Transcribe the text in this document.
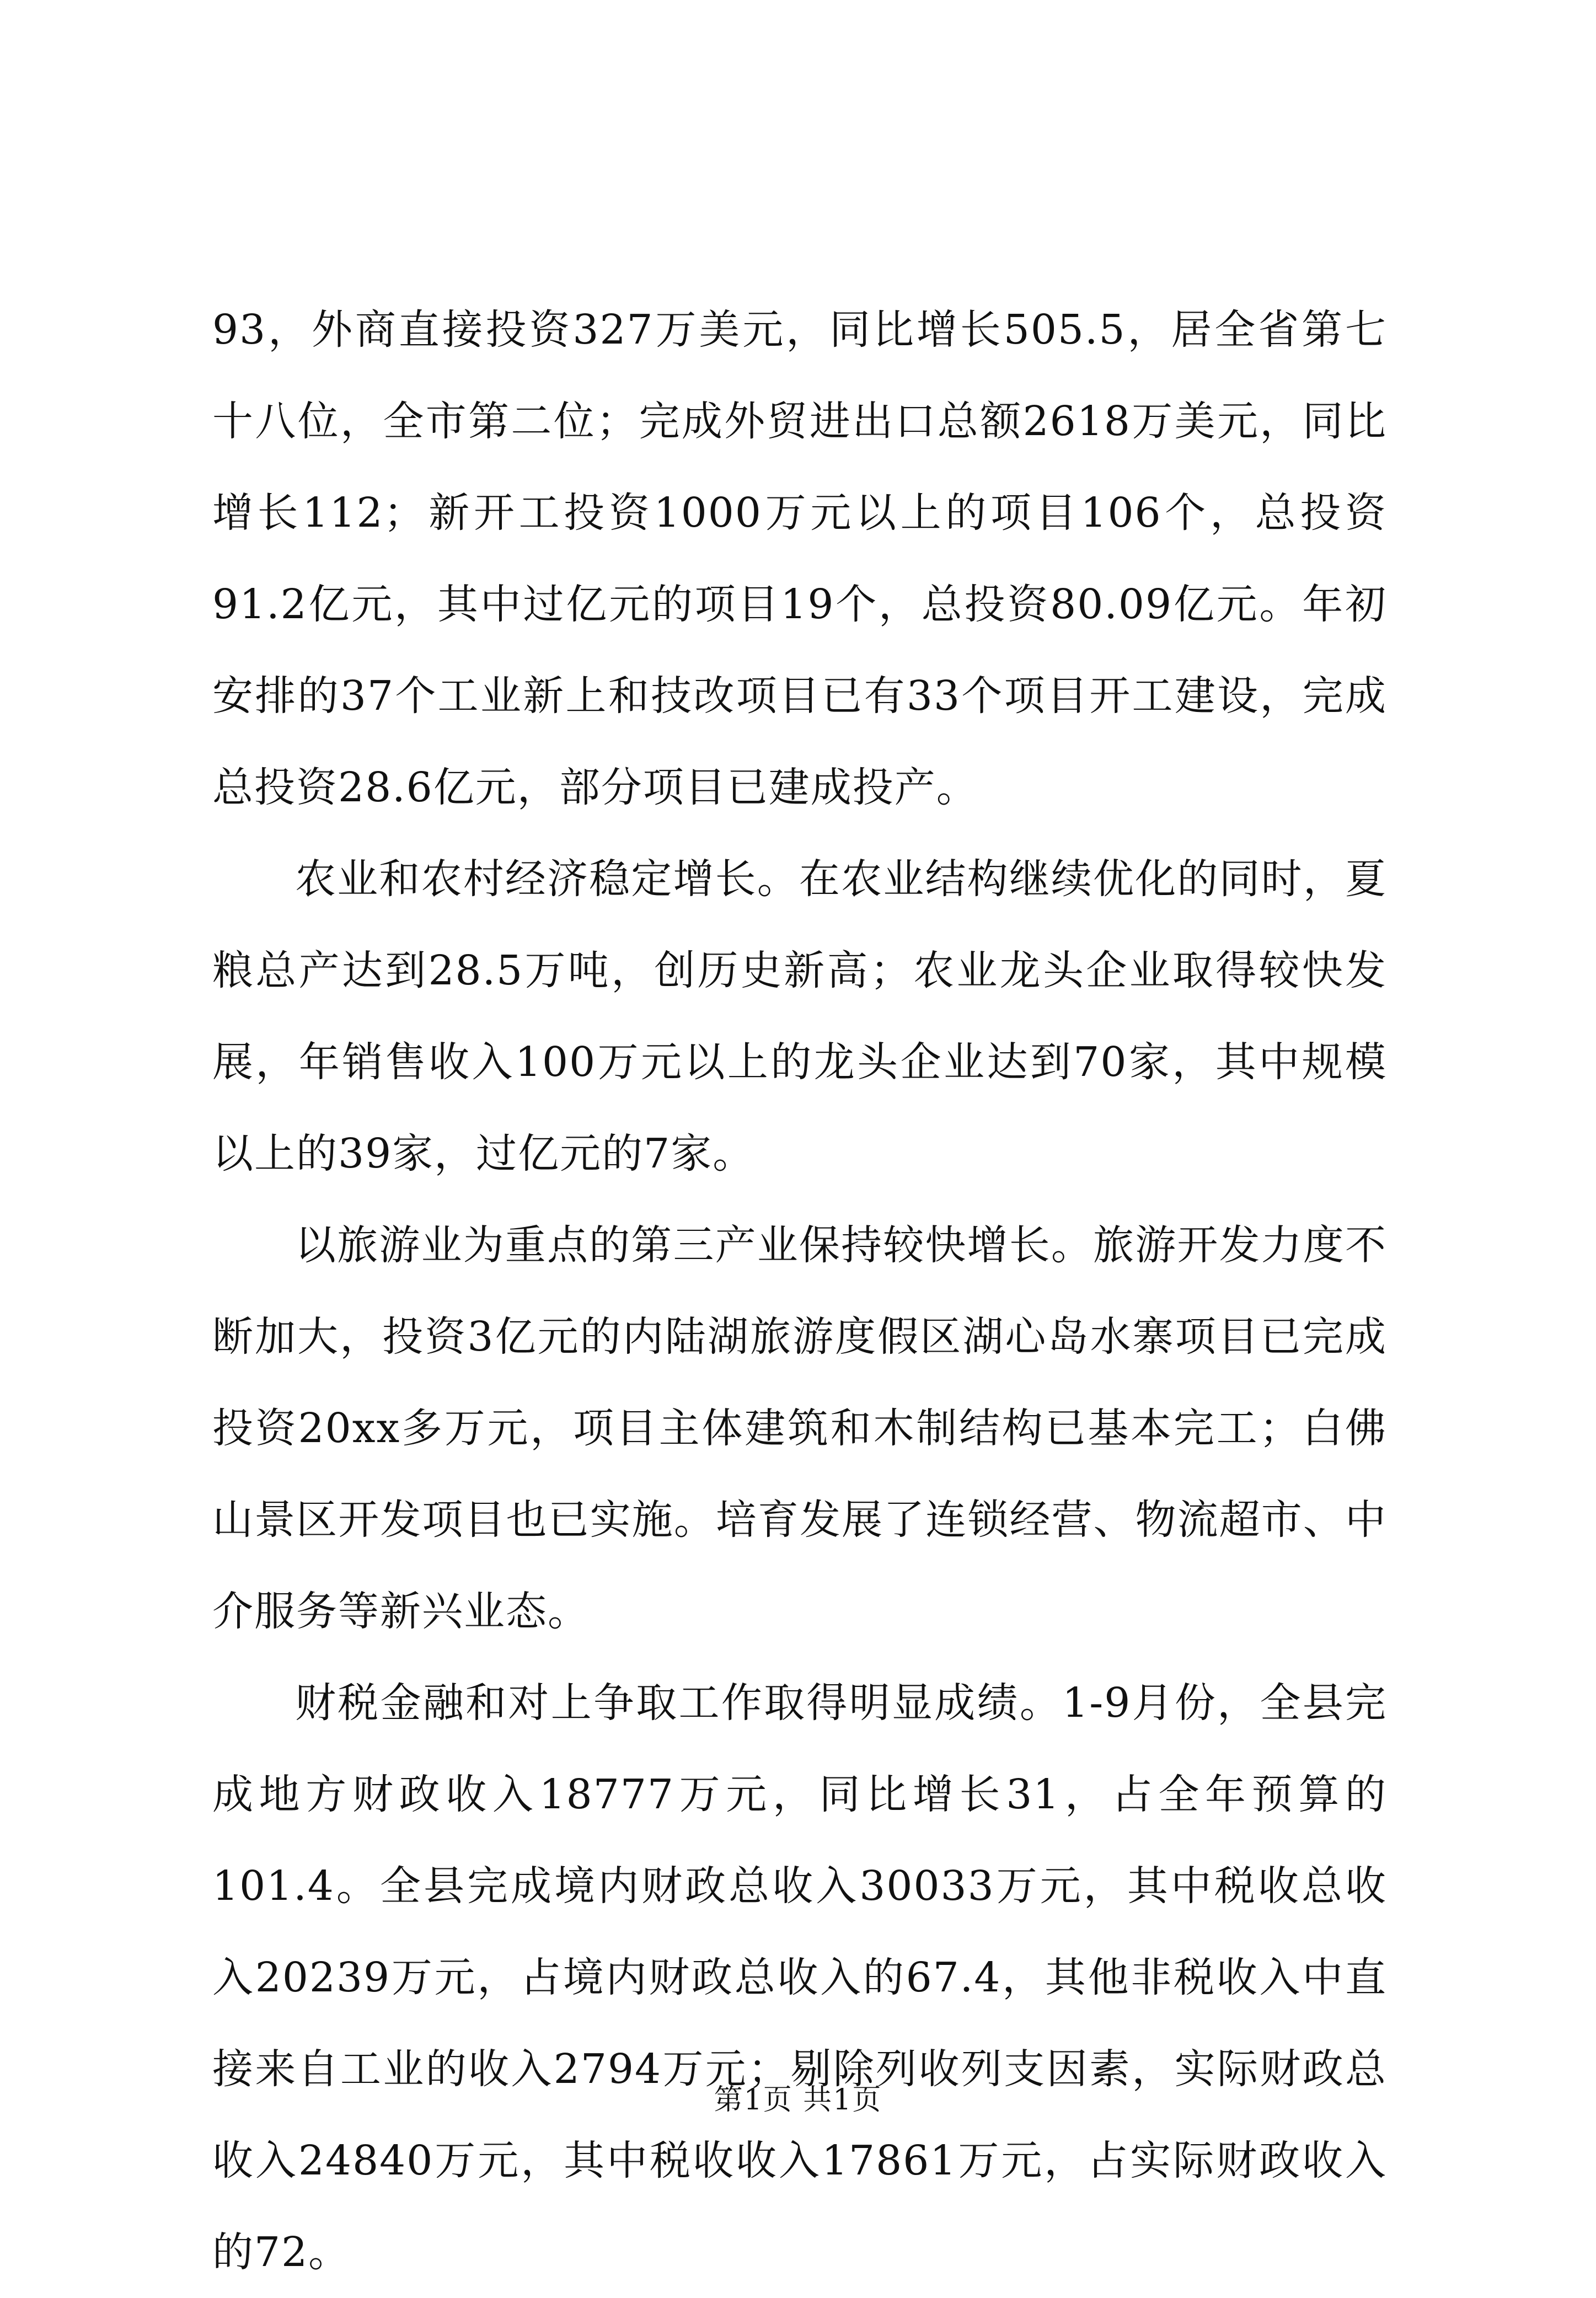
93，外商直接投资327万美元，同比增长505.5，居全省第七十八位，全市第二位；完成外贸进出口总额2618万美元，同比增长112；新开工投资1000万元以上的项目106个，总投资91.2亿元，其中过亿元的项目19个，总投资80.09亿元。年初安排的37个工业新上和技改项目已有33个项目开工建设，完成总投资28.6亿元，部分项目已建成投产。

农业和农村经济稳定增长。在农业结构继续优化的同时，夏粮总产达到28.5万吨，创历史新高；农业龙头企业取得较快发展，年销售收入100万元以上的龙头企业达到70家，其中规模以上的39家，过亿元的7家。

以旅游业为重点的第三产业保持较快增长。旅游开发力度不断加大，投资3亿元的内陆湖旅游度假区湖心岛水寨项目已完成投资20xx多万元，项目主体建筑和木制结构已基本完工；白佛山景区开发项目也已实施。培育发展了连锁经营、物流超市、中介服务等新兴业态。

财税金融和对上争取工作取得明显成绩。1-9月份，全县完成地方财政收入18777万元，同比增长31，占全年预算的101.4。全县完成境内财政总收入30033万元，其中税收总收入20239万元，占境内财政总收入的67.4，其他非税收入中直接来自工业的收入2794万元；剔除列收列支因素，实际财政总收入24840万元，其中税收收入17861万元，占实际财政收入的72。

第1页 共1页
